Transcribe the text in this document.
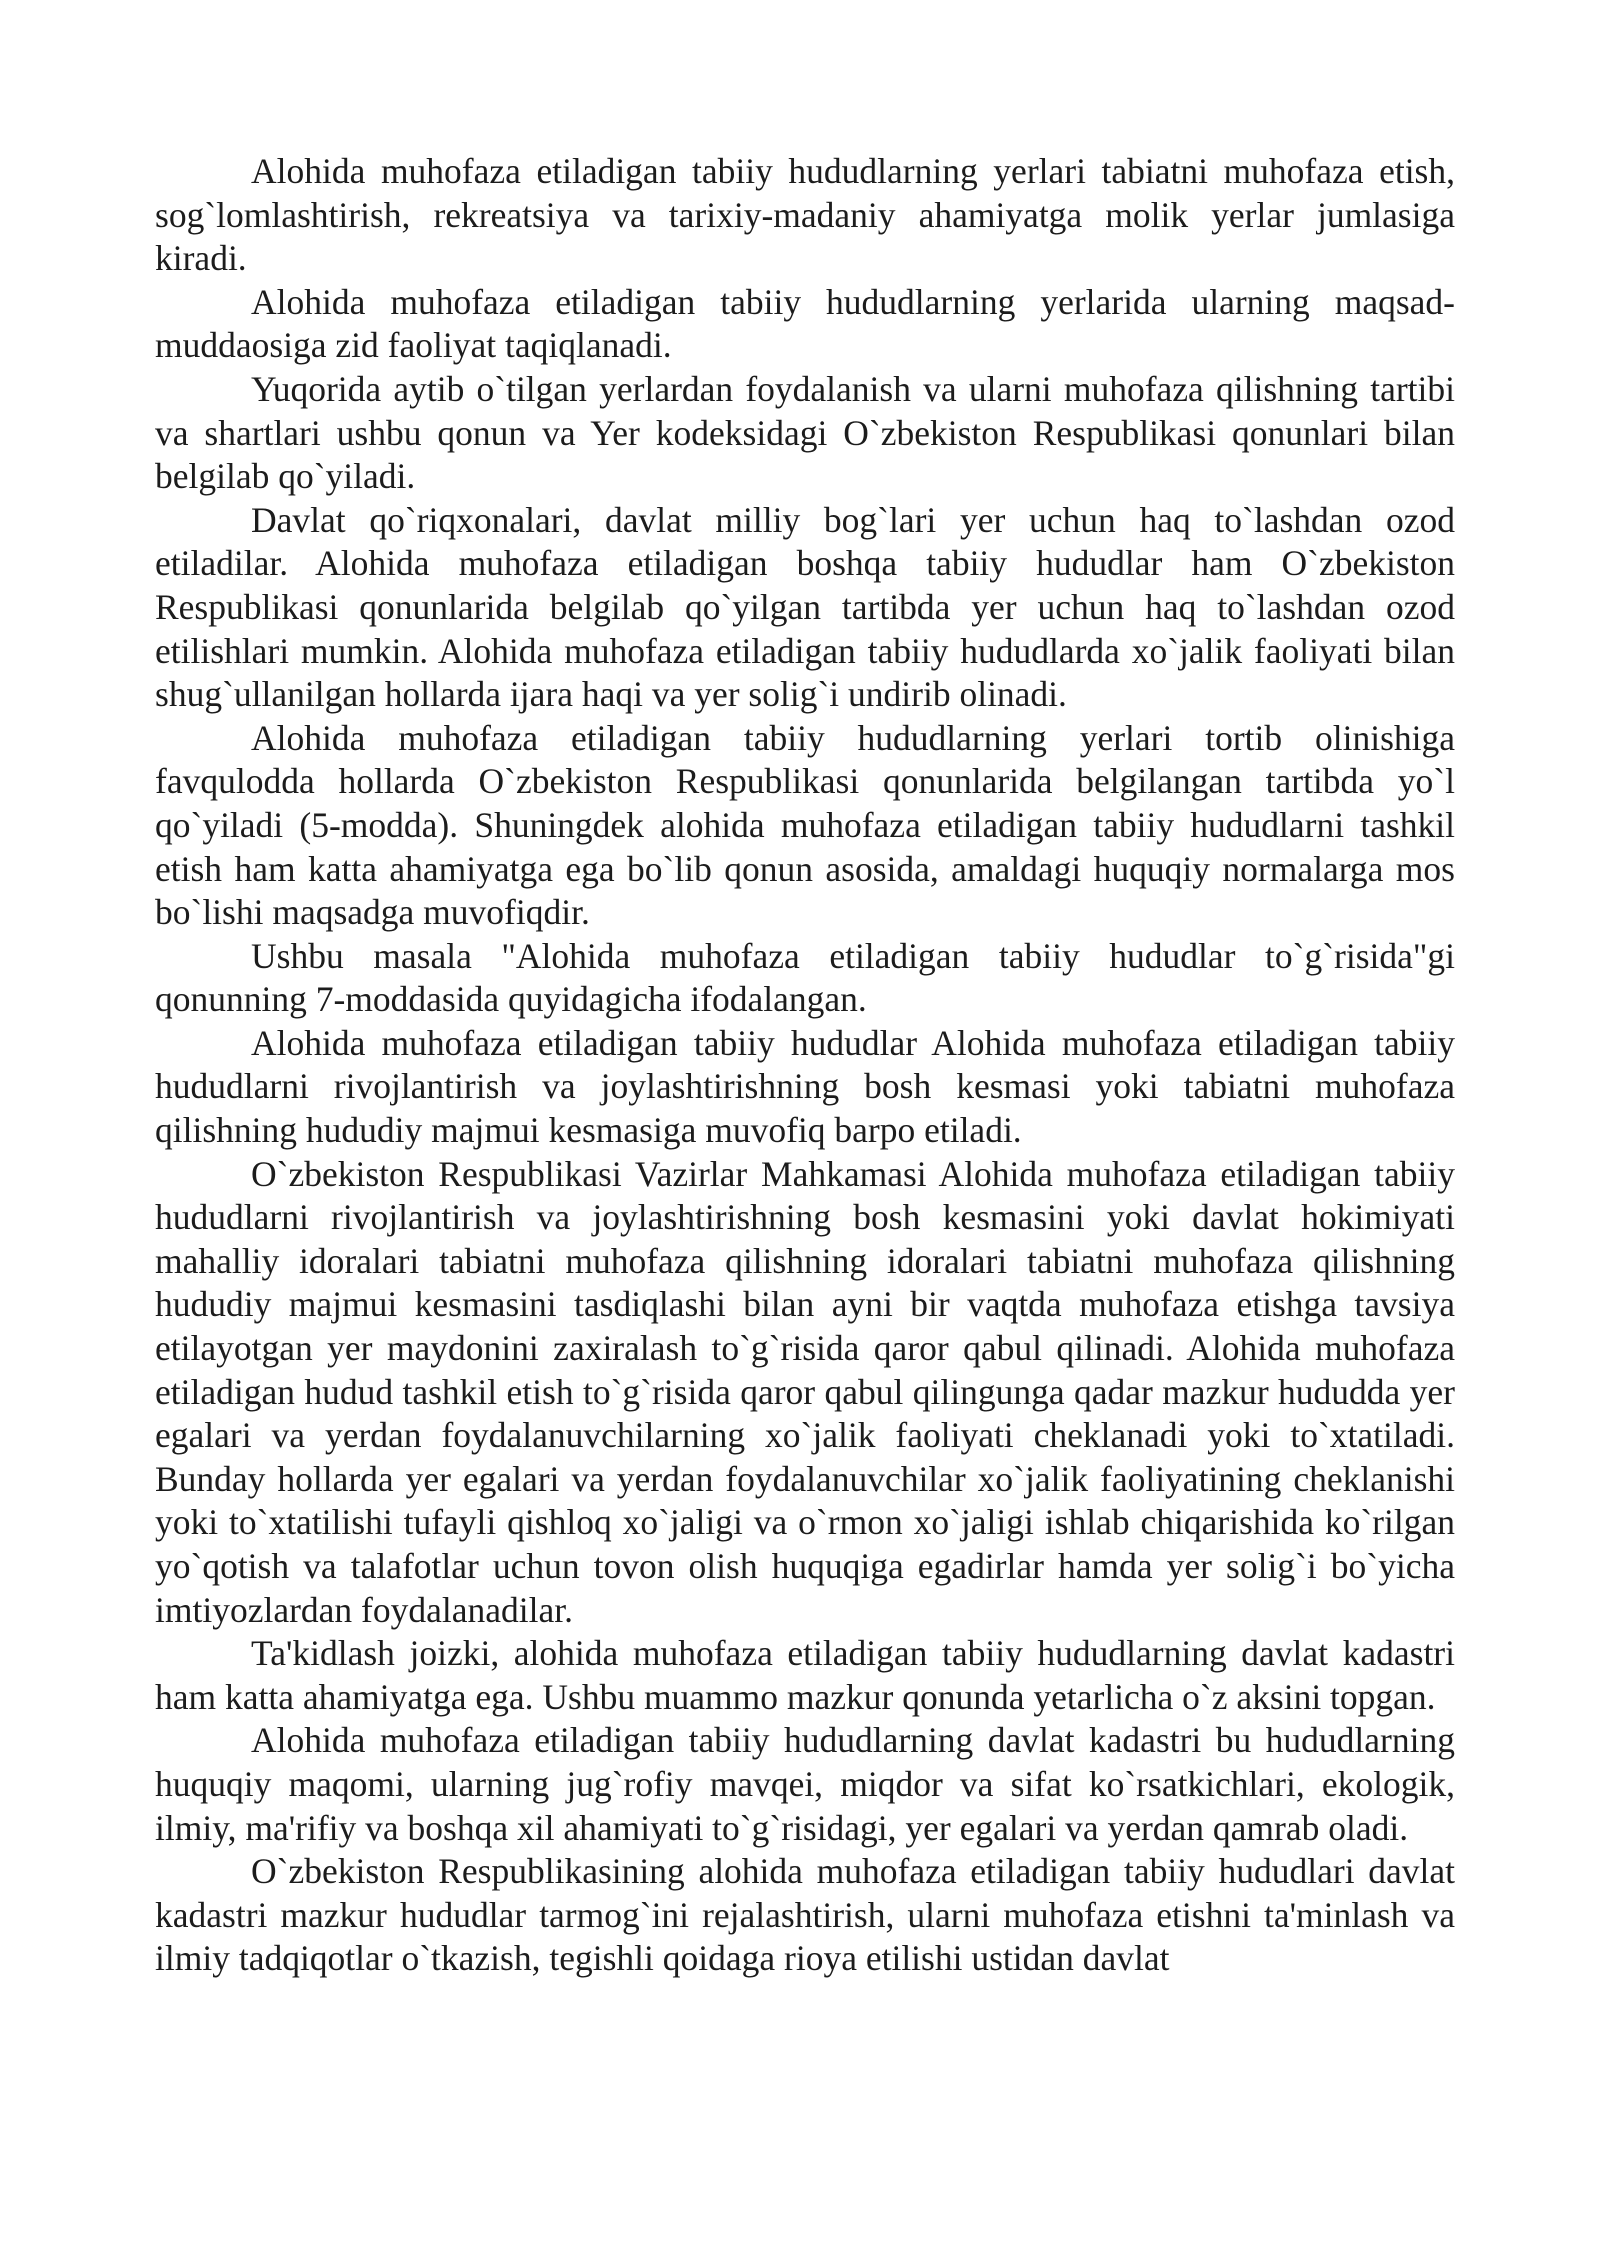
Alohida muhofaza etiladigan tabiiy hududlarning yerlari tabiatni muhofaza etish, sog`lomlashtirish, rekreatsiya va tarixiy-madaniy ahamiyatga molik yerlar jumlasiga kiradi.

Alohida muhofaza etiladigan tabiiy hududlarning yerlarida ularning maqsad-muddaosiga zid faoliyat taqiqlanadi.

Yuqorida aytib o`tilgan yerlardan foydalanish va ularni muhofaza qilishning tartibi va shartlari ushbu qonun va Yer kodeksidagi O`zbekiston Respublikasi qonunlari bilan belgilab qo`yiladi.

Davlat qo`riqxonalari, davlat milliy bog`lari yer uchun haq to`lashdan ozod etiladilar. Alohida muhofaza etiladigan boshqa tabiiy hududlar ham O`zbekiston Respublikasi qonunlarida belgilab qo`yilgan tartibda yer uchun haq to`lashdan ozod etilishlari mumkin. Alohida muhofaza etiladigan tabiiy hududlarda xo`jalik faoliyati bilan shug`ullanilgan hollarda ijara haqi va yer solig`i undirib olinadi.

Alohida muhofaza etiladigan tabiiy hududlarning yerlari tortib olinishiga favqulodda hollarda O`zbekiston Respublikasi qonunlarida belgilangan tartibda yo`l qo`yiladi (5-modda). Shuningdek alohida muhofaza etiladigan tabiiy hududlarni tashkil etish ham katta ahamiyatga ega bo`lib qonun asosida, amaldagi huquqiy normalarga mos bo`lishi maqsadga muvofiqdir.

Ushbu masala "Alohida muhofaza etiladigan tabiiy hududlar to`g`risida"gi qonunning 7-moddasida quyidagicha ifodalangan.

Alohida muhofaza etiladigan tabiiy hududlar Alohida muhofaza etiladigan tabiiy hududlarni rivojlantirish va joylashtirishning bosh kesmasi yoki tabiatni muhofaza qilishning hududiy majmui kesmasiga muvofiq barpo etiladi.

O`zbekiston Respublikasi Vazirlar Mahkamasi Alohida muhofaza etiladigan tabiiy hududlarni rivojlantirish va joylashtirishning bosh kesmasini yoki davlat hokimiyati mahalliy idoralari tabiatni muhofaza qilishning idoralari tabiatni muhofaza qilishning hududiy majmui kesmasini tasdiqlashi bilan ayni bir vaqtda muhofaza etishga tavsiya etilayotgan yer maydonini zaxiralash to`g`risida qaror qabul qilinadi. Alohida muhofaza etiladigan hudud tashkil etish to`g`risida qaror qabul qilingunga qadar mazkur hududda yer egalari va yerdan foydalanuvchilarning xo`jalik faoliyati cheklanadi yoki to`xtatiladi. Bunday hollarda yer egalari va yerdan foydalanuvchilar xo`jalik faoliyatining cheklanishi yoki to`xtatilishi tufayli qishloq xo`jaligi va o`rmon xo`jaligi ishlab chiqarishida ko`rilgan yo`qotish va talafotlar uchun tovon olish huquqiga egadirlar hamda yer solig`i bo`yicha imtiyozlardan foydalanadilar.

Ta'kidlash joizki, alohida muhofaza etiladigan tabiiy hududlarning davlat kadastri ham katta ahamiyatga ega. Ushbu muammo mazkur qonunda yetarlicha o`z aksini topgan.

Alohida muhofaza etiladigan tabiiy hududlarning davlat kadastri bu hududlarning huquqiy maqomi, ularning jug`rofiy mavqei, miqdor va sifat ko`rsatkichlari, ekologik, ilmiy, ma'rifiy va boshqa xil ahamiyati to`g`risidagi, yer egalari va yerdan qamrab oladi.

O`zbekiston Respublikasining alohida muhofaza etiladigan tabiiy hududlari davlat kadastri mazkur hududlar tarmog`ini rejalashtirish, ularni muhofaza etishni ta'minlash va ilmiy tadqiqotlar o`tkazish, tegishli qoidaga rioya etilishi ustidan davlat
